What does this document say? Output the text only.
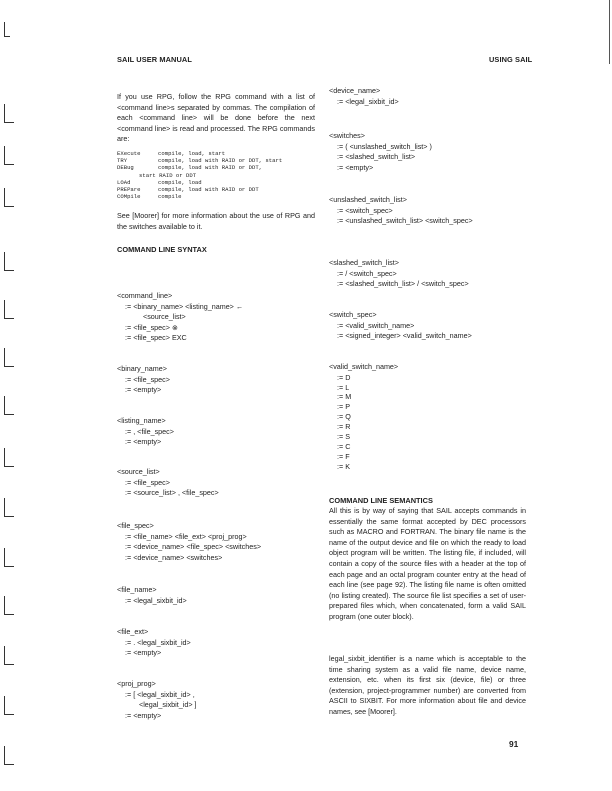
SAIL USER MANUAL	USING SAIL
If you use RPG, follow the RPG command with a list of <command line>s separated by commas. The compilation of each <command line> will be done before the next <command line> is read and processed. The RPG commands are:
EXecute	compile, load, start
TRY	compile, load with RAID or DDT, start
DEBug	compile, load with RAID or DDT,
start RAID or DDT
LOAd	compile, load
PREPare	compile, load with RAID or DDT
COMpile	compile
See [Moorer] for more information about the use of RPG and the switches available to it.
COMMAND LINE SYNTAX
<command_line>
:= <binary_name> <listing_name> ←
<source_list>
:= <file_spec> ⊗
:= <file_spec> EXC
<binary_name>
:= <file_spec>
:= <empty>
<listing_name>
:= , <file_spec>
:= <empty>
<source_list>
:= <file_spec>
:= <source_list> , <file_spec>
<file_spec>
:= <file_name> <file_ext> <proj_prog>
:= <device_name> <file_spec> <switches>
:= <device_name> <switches>
<file_name>
:= <legal_sixbit_id>
<file_ext>
:= . <legal_sixbit_id>
:= <empty>
<proj_prog>
:= [ <legal_sixbit_id> ,
<legal_sixbit_id> ]
:= <empty>
<device_name>
:= <legal_sixbit_id>
<switches>
:= ( <unslashed_switch_list> )
:= <slashed_switch_list>
:= <empty>
<unslashed_switch_list>
:= <switch_spec>
:= <unslashed_switch_list> <switch_spec>
<slashed_switch_list>
:= / <switch_spec>
:= <slashed_switch_list> / <switch_spec>
<switch_spec>
:= <valid_switch_name>
:= <signed_integer> <valid_switch_name>
<valid_switch_name>
:= D
:= L
:= M
:= P
:= Q
:= R
:= S
:= C
:= F
:= K
COMMAND LINE SEMANTICS
All this is by way of saying that SAIL accepts commands in essentially the same format accepted by DEC processors such as MACRO and FORTRAN. The binary file name is the name of the output device and file on which the ready to load object program will be written. The listing file, if included, will contain a copy of the source files with a header at the top of each page and an octal program counter entry at the head of each line (see page 92). The listing file name is often omitted (no listing created). The source file list specifies a set of user-prepared files which, when concatenated, form a valid SAIL program (one outer block).
legal_sixbit_identifier is a name which is acceptable to the time sharing system as a valid file name, device name, extension, etc. when its first six (device, file) or three (extension, project-programmer number) are converted from ASCII to SIXBIT. For more information about file and device names, see [Moorer].
91
